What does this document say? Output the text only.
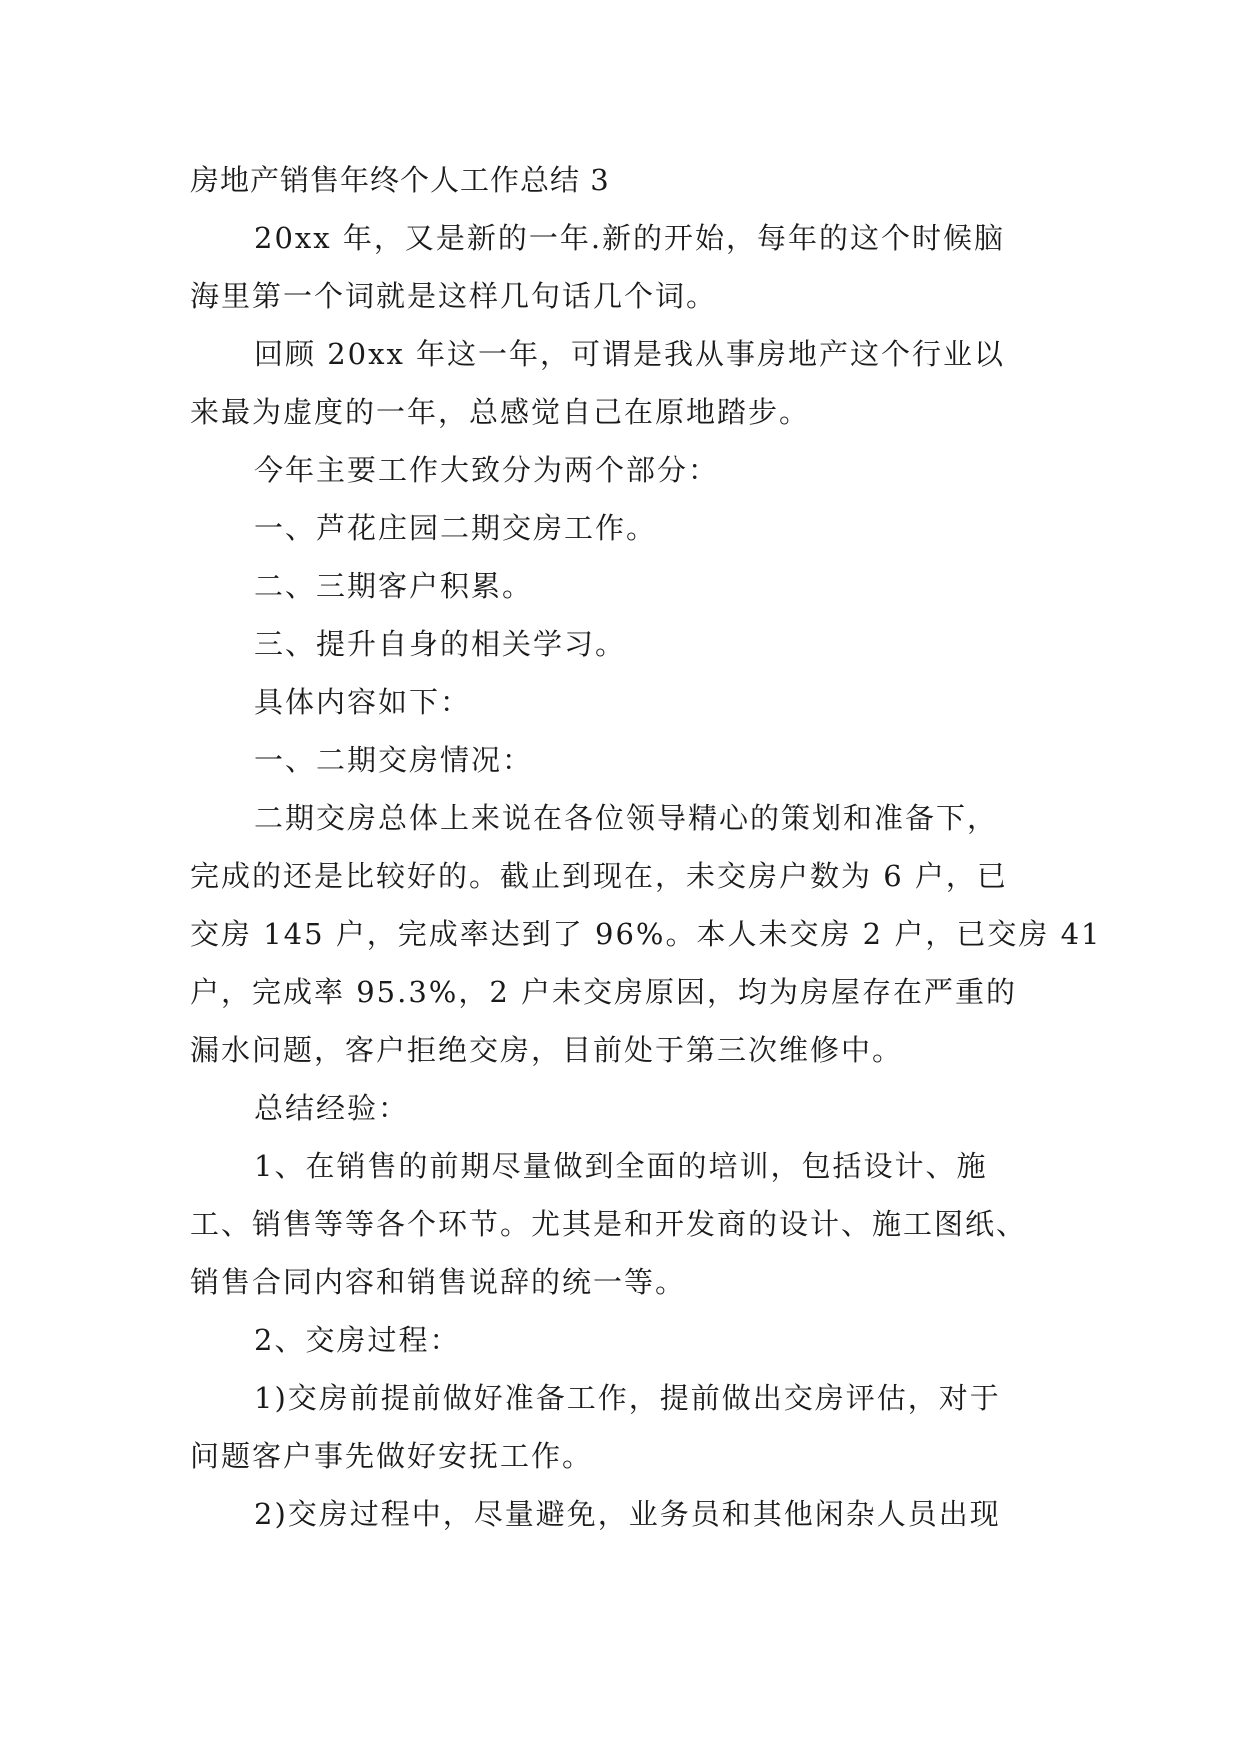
房地产销售年终个人工作总结 3
20xx 年，又是新的一年.新的开始，每年的这个时候脑
海里第一个词就是这样几句话几个词。
回顾 20xx 年这一年，可谓是我从事房地产这个行业以
来最为虚度的一年，总感觉自己在原地踏步。
今年主要工作大致分为两个部分：
一、芦花庄园二期交房工作。
二、三期客户积累。
三、提升自身的相关学习。
具体内容如下：
一、二期交房情况：
二期交房总体上来说在各位领导精心的策划和准备下，
完成的还是比较好的。截止到现在，未交房户数为 6 户，已
交房 145 户，完成率达到了 96%。本人未交房 2 户，已交房 41
户，完成率 95.3%，2 户未交房原因，均为房屋存在严重的
漏水问题，客户拒绝交房，目前处于第三次维修中。
总结经验：
1、在销售的前期尽量做到全面的培训，包括设计、施
工、销售等等各个环节。尤其是和开发商的设计、施工图纸、
销售合同内容和销售说辞的统一等。
2、交房过程：
1)交房前提前做好准备工作，提前做出交房评估，对于
问题客户事先做好安抚工作。
2)交房过程中，尽量避免，业务员和其他闲杂人员出现
